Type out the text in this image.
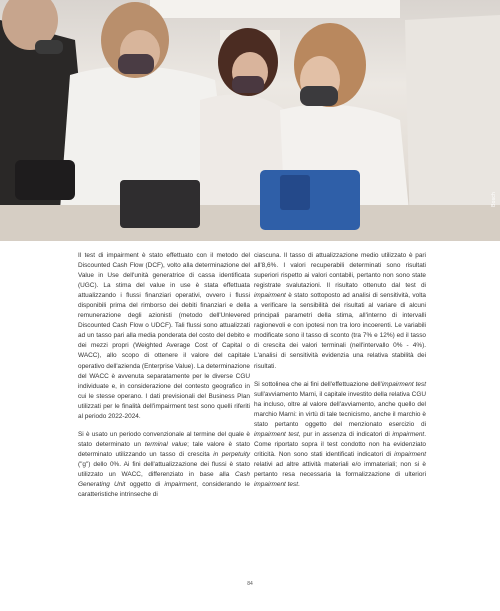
Bosch

Il test di impairment è stato effettuato con il metodo del Discounted Cash Flow (DCF), volto alla determinazione del Value in Use dell'unità generatrice di cassa identificata (UGC). La stima del value in use è stata effettuata attualizzando i flussi finanziari operativi, ovvero i flussi disponibili prima del rimborso dei debiti finanziari e della remunerazione degli azionisti (metodo dell'Unlevered Discounted Cash Flow o UDCF). Tali flussi sono attualizzati ad un tasso pari alla media ponderata del costo del debito e dei mezzi propri (Weighted Average Cost of Capital o WACC), allo scopo di ottenere il valore del capitale operativo dell'azienda (Enterprise Value). La determinazione del WACC è avvenuta separatamente per le diverse CGU individuate e, in considerazione del contesto geografico in cui le stesse operano. I dati previsionali del Business Plan utilizzati per le finalità dell'impairment test sono quelli riferiti al periodo 2022-2024.

Si è usato un periodo convenzionale al termine del quale è stato determinato un terminal value; tale valore è stato determinato utilizzando un tasso di crescita in perpetuity ("g") dello 0%. Ai fini dell'attualizzazione dei flussi è stato utilizzato un WACC, differenziato in base alla Cash Generating Unit oggetto di impairment, considerando le caratteristiche intrinseche di

ciascuna. Il tasso di attualizzazione medio utilizzato è pari all'8,6%. I valori recuperabili determinati sono risultati superiori rispetto ai valori contabili, pertanto non sono state registrate svalutazioni. Il risultato ottenuto dal test di impairment è stato sottoposto ad analisi di sensitività, volta a verificare la sensibilità dei risultati al variare di alcuni principali parametri della stima, all'interno di intervalli ragionevoli e con ipotesi non tra loro incoerenti. Le variabili modificate sono il tasso di sconto (tra 7% e 12%) ed il tasso di crescita dei valori terminali (nell'intervallo 0% - 4%). L'analisi di sensitività evidenzia una relativa stabilità dei risultati.

Si sottolinea che ai fini dell'effettuazione dell'impairment test sull'avviamento Marni, il capitale investito della relativa CGU ha incluso, oltre al valore dell'avviamento, anche quello del marchio Marni: in virtù di tale tecnicismo, anche il marchio è stato pertanto oggetto del menzionato esercizio di impairment test, pur in assenza di indicatori di impairment. Come riportato sopra il test condotto non ha evidenziato criticità. Non sono stati identificati indicatori di impairment relativi ad altre attività materiali e/o immateriali; non si è pertanto resa necessaria la formalizzazione di ulteriori impairment test.

84
